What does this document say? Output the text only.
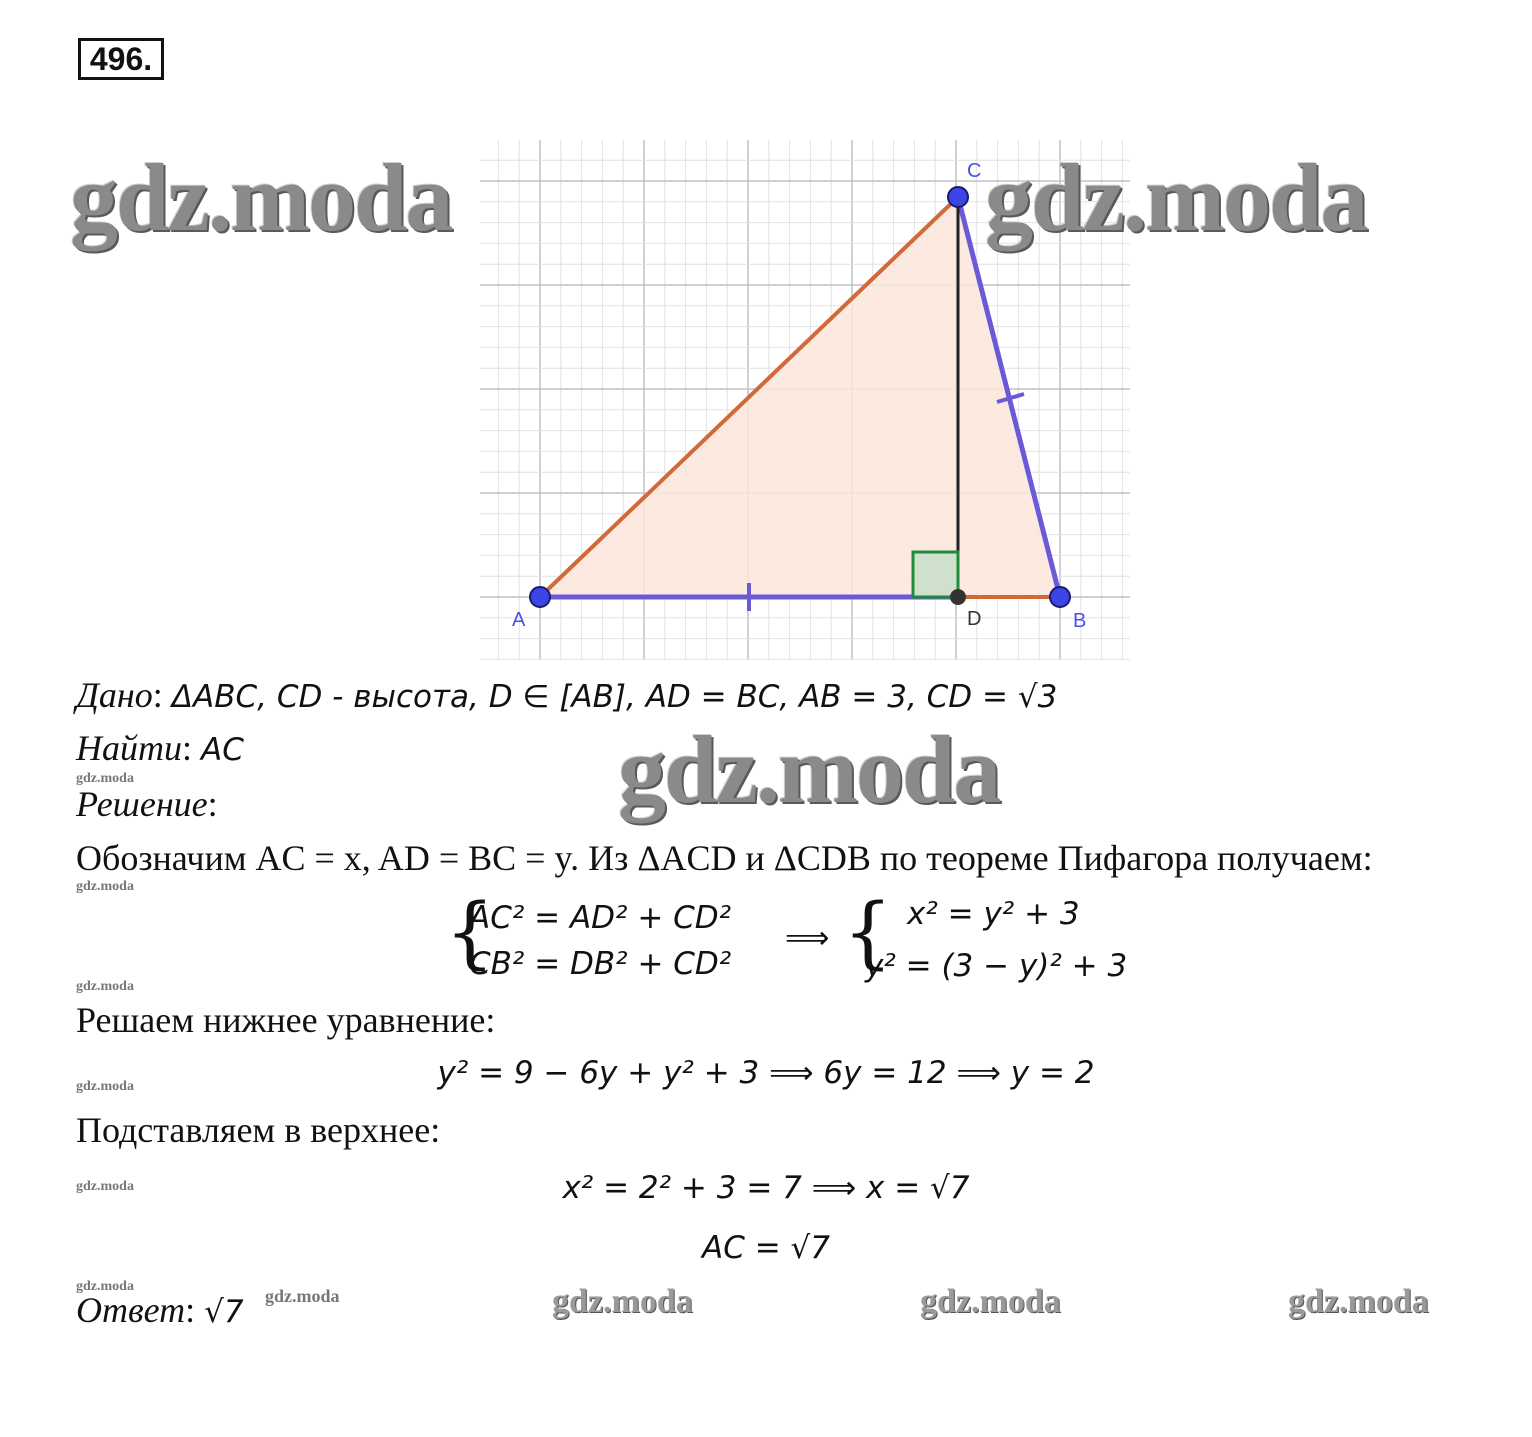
496.
A	B
C
D
gdz.moda	gdz.moda
gdz.moda
Дано: ΔABC, CD - высота, D ∈ [AB], AD = BC, AB = 3, CD = √3
Найти: AC
gdz.moda
Решение:
Обозначим AC = x, AD = BC = y. Из ΔACD и ΔCDB по теореме Пифагора получаем:
gdz.moda
{
AC² = AD² + CD²
CB² = DB² + CD²
⟹ { x² = y² + 3
y² = (3 − y)² + 3
gdz.moda
Решаем нижнее уравнение:
y² = 9 − 6y + y² + 3 ⟹ 6y = 12 ⟹ y = 2
gdz.moda
Подставляем в верхнее:
gdz.moda	x² = 2² + 3 = 7 ⟹ x = √7
AC = √7
gdz.moda
Ответ: √7 gdz.moda	gdz.moda	gdz.moda	gdz.moda
